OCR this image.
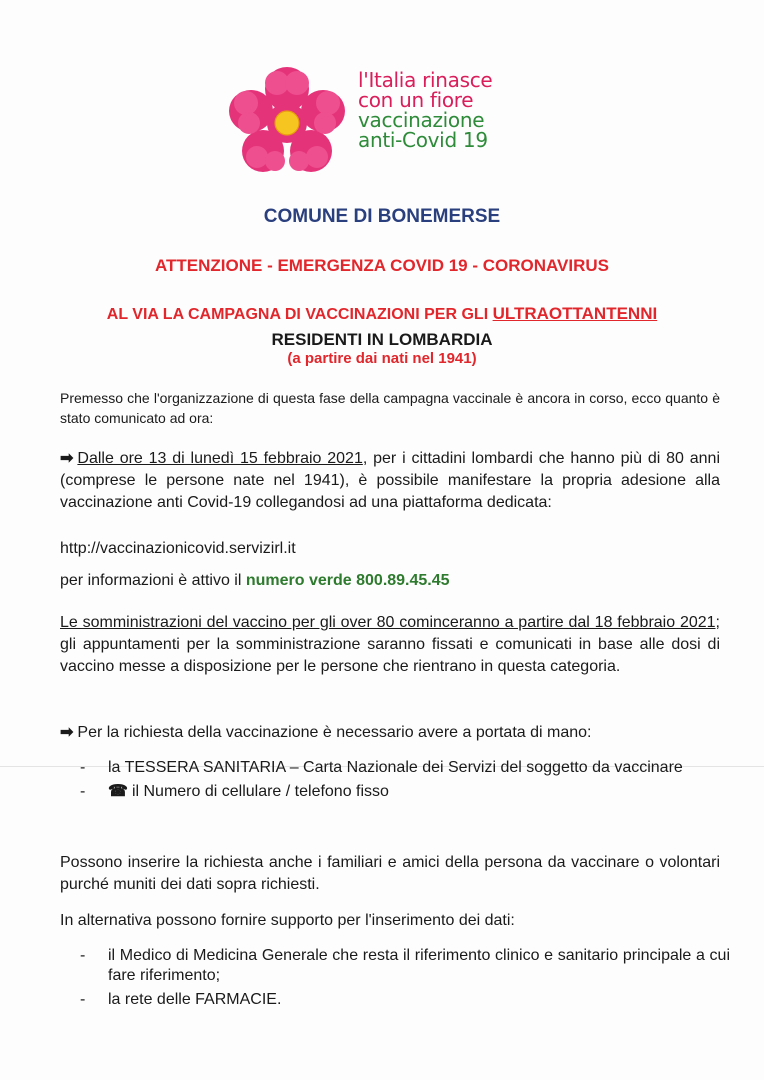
l'Italia rinasce
con un fiore
vaccinazione
anti-Covid 19
COMUNE DI BONEMERSE
ATTENZIONE - EMERGENZA COVID 19 - CORONAVIRUS
AL VIA LA CAMPAGNA DI VACCINAZIONI PER GLI ULTRAOTTANTENNI
RESIDENTI IN LOMBARDIA
(a partire dai nati nel 1941)
Premesso che l'organizzazione di questa fase della campagna vaccinale è ancora in corso, ecco quanto è stato comunicato ad ora:
➡ Dalle ore 13 di lunedì 15 febbraio 2021, per i cittadini lombardi che hanno più di 80 anni (comprese le persone nate nel 1941), è possibile manifestare la propria adesione alla vaccinazione anti Covid-19 collegandosi ad una piattaforma dedicata:
http://vaccinazionicovid.servizirl.it
per informazioni è attivo il numero verde 800.89.45.45
Le somministrazioni del vaccino per gli over 80 cominceranno a partire dal 18 febbraio 2021; gli appuntamenti per la somministrazione saranno fissati e comunicati in base alle dosi di vaccino messe a disposizione per le persone che rientrano in questa categoria.
➡ Per la richiesta della vaccinazione è necessario avere a portata di mano:
- la TESSERA SANITARIA – Carta Nazionale dei Servizi del soggetto da vaccinare
- ☎ il Numero di cellulare / telefono fisso
Possono inserire la richiesta anche i familiari e amici della persona da vaccinare o volontari purché muniti dei dati sopra richiesti.
In alternativa possono fornire supporto per l'inserimento dei dati:
- il Medico di Medicina Generale che resta il riferimento clinico e sanitario principale a cui fare riferimento;
- la rete delle FARMACIE.
